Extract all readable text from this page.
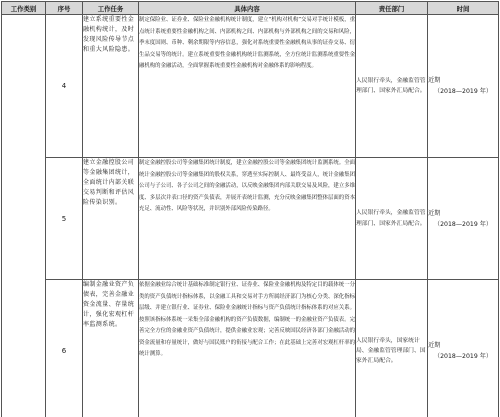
工作类别	序号	工作任务	具体内容	责任部门	时间
	4	建立系统重要性金融机构统计，及时发现风险传导节点和重大风险隐患。	制定保险业、证券业、保险业金融机构统计制度，建立“机构对机构”交易对手统计模板，重点统计系统重要性金融机构之间、内部机构之间、内部机构与外部机构之间的交易和风险，季末度国则、币种、剩余期限等内容信息，强化对系统重要性金融机构从事的证券交易、衍生品交易等的统计。建立系统重要性金融机构统计监测系统，全方位统计监测系统重要性金融机构的金融活动，全面掌握系统重要性金融机构对金融体系的影响程度。	人民银行牵头，金融监管管理部门、国家外汇局配合。	近期
（2018—2019 年）

	5	建立金融控股公司等金融集团统计，全面统计内部关联交易判断和评估风险传染识别。	制定金融控股公司等金融集团统计制度，建立金融控股公司等金融集团统计监测系统。全面统计金融控股公司等金融集团的股权关系，穿透至实际控制人、最终受益人，统计金融集团公司与子公司、各子公司之间的金融活动，以反映金融集团内部关联交易及风险，建立多维度、多层次并表口径的资产负债表，并展开表统计监测，充分反映金融集团整体层面的资本充足、流动性、风险等状况，并识别外部风险传染路径。	人民银行牵头，金融监管管理部门、国家外汇局配合。	近期
（2018—2019 年）

	6	编制金融业资产负债表，完善金融业资金流量、存量统计，强化宏观杠杆率监测系统。	依据金融业综合统计基础标准制定银行业、证券业、保险业金融机构及特定目的载体统一分类的资产负债统计指标体系，以金融工具和交易对手方所属经济部门为核心分类、深化指标层级、并建立银行业、证券业、保险业金融统计指标与资产负债统计指标体系的对应关系。按照该指标体系统一采集全部金融机构的资产负债数据，编制统一的金融业资产负债表。完善完全方位的金融业资产负债统计，提供金融业宏观；完善反映国民经济各部门金融活动的资金流量和存量统计，做好与国民账户的衔接与配合工作；在此基础上完善对宏观杠杆率的统计测算。	人民银行牵头，国家统计局、金融监管管理部门、国家外汇局配合。	近期
（2018—2019 年）
